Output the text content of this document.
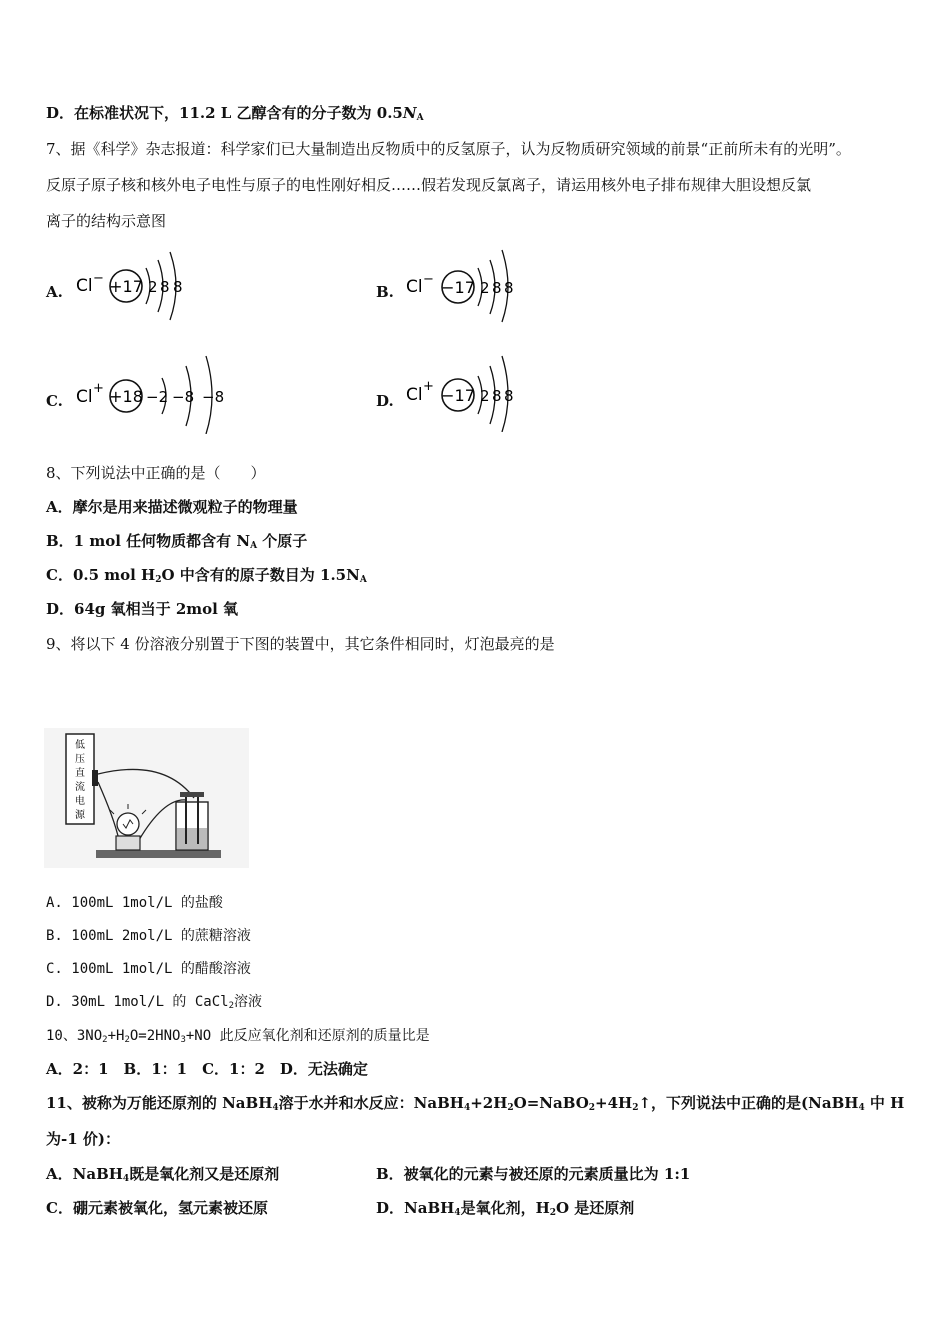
D．在标准状况下，11.2 L 乙醇含有的分子数为 $0.5N_A$
7、据《科学》杂志报道：科学家们已大量制造出反物质中的反氢原子，认为反物质研究领域的前景“正前所未有的光明”。
反原子原子核和核外电子电性与原子的电性刚好相反……假若发现反氯离子，请运用核外电子排布规律大胆设想反氯
离子的结构示意图
A. Cl − +17 2 8 8	B. Cl − −17 2 8 8
C. Cl + +18 −2 −8 −8	D. Cl + −17 2 8 8
8、下列说法中正确的是（　　）
A．摩尔是用来描述微观粒子的物理量
B．1 mol 任何物质都含有 $N_A$ 个原子
C．0.5 mol $H_2O$ 中含有的原子数目为 $1.5N_A$
D．64g 氧相当于 2mol 氧
9、将以下 4 份溶液分别置于下图的装置中，其它条件相同时，灯泡最亮的是
低
压
直
流
电
源
A. 100mL 1mol/L 的盐酸
B. 100mL 2mol/L 的蔗糖溶液
C. 100mL 1mol/L 的醋酸溶液
D. 30mL 1mol/L 的 CaCl$_2$溶液
10、$3NO_2+H_2O=2HNO_3+NO$ 此反应氧化剂和还原剂的质量比是
A．2：1　B．1：1　C．1：2　D．无法确定
11、被称为万能还原剂的 NaBH$_4$溶于水并和水反应：$NaBH_4+2H_2O=NaBO_2+4H_2↑$，下列说法中正确的是(NaBH$_4$ 中 H
为-1 价)：
A．NaBH$_4$既是氧化剂又是还原剂	B．被氧化的元素与被还原的元素质量比为 1:1
C．硼元素被氧化，氢元素被还原	D．NaBH$_4$是氧化剂，$H_2O$ 是还原剂
